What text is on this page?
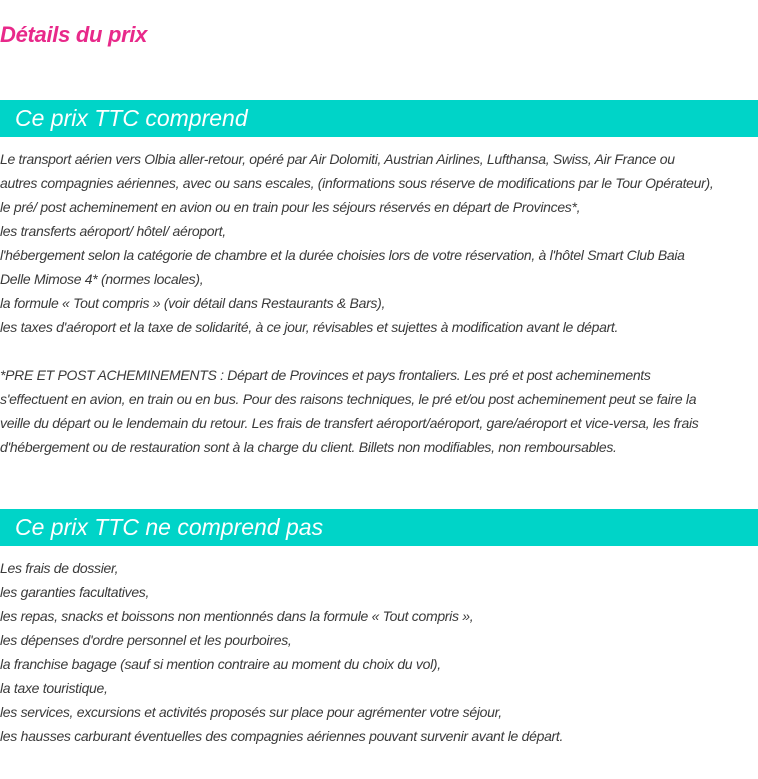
Détails du prix
Ce prix TTC comprend
Le transport aérien vers Olbia aller-retour, opéré par Air Dolomiti, Austrian Airlines, Lufthansa, Swiss, Air France ou
autres compagnies aériennes, avec ou sans escales, (informations sous réserve de modifications par le Tour Opérateur),
le pré/ post acheminement en avion ou en train pour les séjours réservés en départ de Provinces*,
les transferts aéroport/ hôtel/ aéroport,
l'hébergement selon la catégorie de chambre et la durée choisies lors de votre réservation, à l'hôtel Smart Club Baia
Delle Mimose 4* (normes locales),
la formule « Tout compris » (voir détail dans Restaurants & Bars),
les taxes d'aéroport et la taxe de solidarité, à ce jour, révisables et sujettes à modification avant le départ.
*PRE ET POST ACHEMINEMENTS : Départ de Provinces et pays frontaliers. Les pré et post acheminements
s'effectuent en avion, en train ou en bus. Pour des raisons techniques, le pré et/ou post acheminement peut se faire la
veille du départ ou le lendemain du retour. Les frais de transfert aéroport/aéroport, gare/aéroport et vice-versa, les frais
d'hébergement ou de restauration sont à la charge du client. Billets non modifiables, non remboursables.
Ce prix TTC ne comprend pas
Les frais de dossier,
les garanties facultatives,
les repas, snacks et boissons non mentionnés dans la formule « Tout compris »,
les dépenses d'ordre personnel et les pourboires,
la franchise bagage (sauf si mention contraire au moment du choix du vol),
la taxe touristique,
les services, excursions et activités proposés sur place pour agrémenter votre séjour,
les hausses carburant éventuelles des compagnies aériennes pouvant survenir avant le départ.
